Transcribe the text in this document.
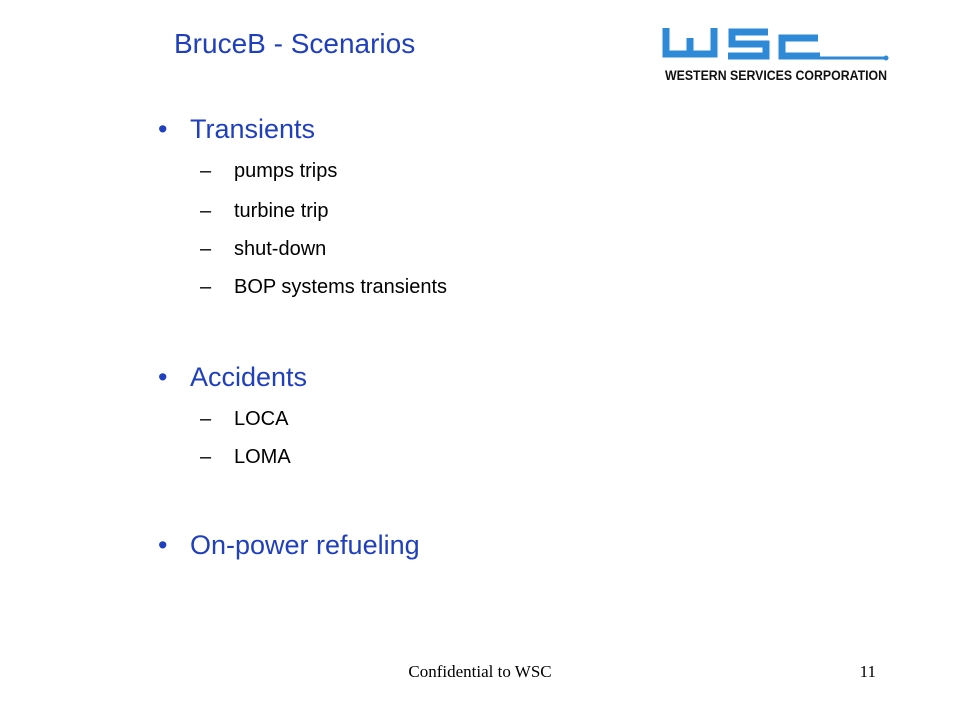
BruceB - Scenarios
WESTERN SERVICES CORPORATION
• Transients
– pumps trips
– turbine trip
– shut-down
– BOP systems transients
• Accidents
– LOCA
– LOMA
• On-power refueling
Confidential to WSC	11
